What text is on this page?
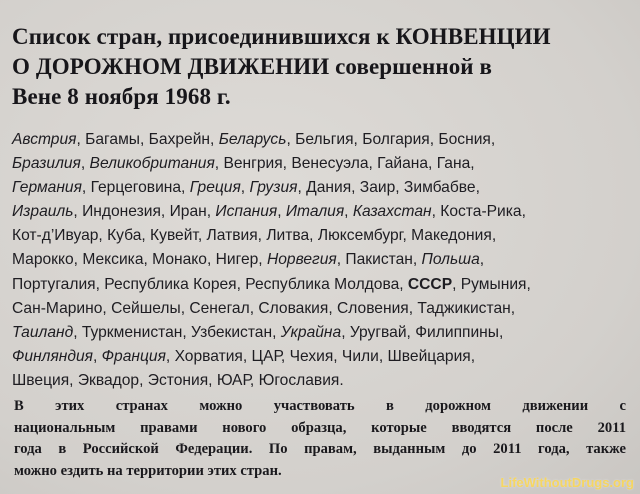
Список стран, присоединившихся к КОНВЕНЦИИ
О ДОРОЖНОМ ДВИЖЕНИИ совершенной в
Вене 8 ноября 1968 г.
Австрия, Багамы, Бахрейн, Беларусь, Бельгия, Болгария, Босния,
Бразилия, Великобритания, Венгрия, Венесуэла, Гайана, Гана,
Германия, Герцеговина, Греция, Грузия, Дания, Заир, Зимбабве,
Израиль, Индонезия, Иран, Испания, Италия, Казахстан, Коста-Рика,
Кот-д’Ивуар, Куба, Кувейт, Латвия, Литва, Люксембург, Македония,
Марокко, Мексика, Монако, Нигер, Норвегия, Пакистан, Польша,
Португалия, Республика Корея, Республика Молдова, СССР, Румыния,
Сан-Марино, Сейшелы, Сенегал, Словакия, Словения, Таджикистан,
Таиланд, Туркменистан, Узбекистан, Украйна, Уругвай, Филиппины,
Финляндия, Франция, Хорватия, ЦАР, Чехия, Чили, Швейцария,
Швеция, Эквадор, Эстония, ЮАР, Югославия.
В этих странах можно участвовать в дорожном движении с
национальным правами нового образца, которые вводятся после 2011
года в Российской Федерации. По правам, выданным до 2011 года, также
можно ездить на территории этих стран.
LifeWithoutDrugs.org
